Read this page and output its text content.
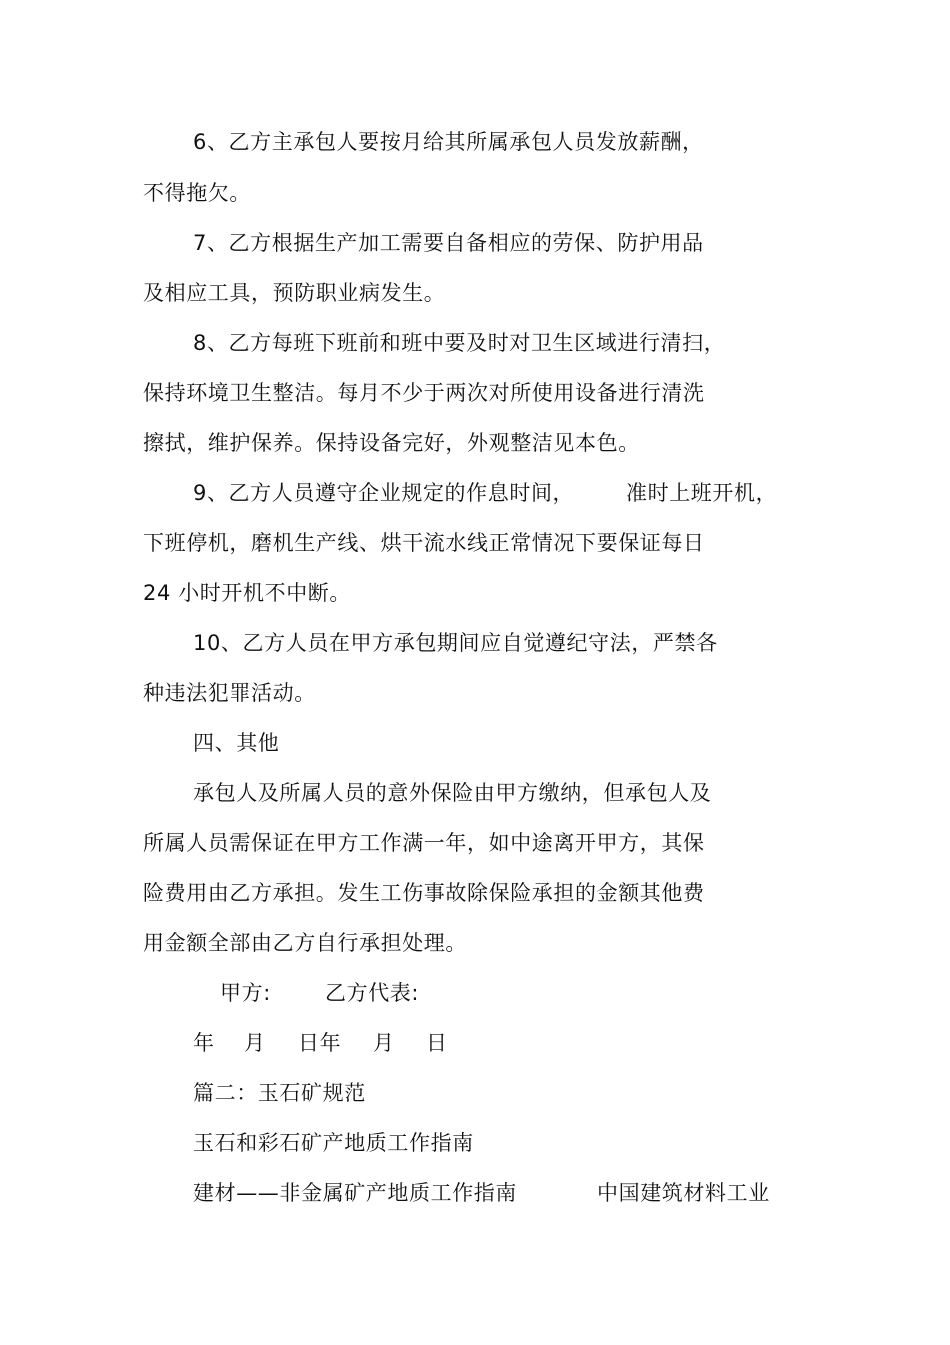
6、乙方主承包人要按月给其所属承包人员发放薪酬，

不得拖欠。

7、乙方根据生产加工需要自备相应的劳保、防护用品

及相应工具，预防职业病发生。

8、乙方每班下班前和班中要及时对卫生区域进行清扫，

保持环境卫生整洁。每月不少于两次对所使用设备进行清洗

擦拭，维护保养。保持设备完好，外观整洁见本色。

9、乙方人员遵守企业规定的作息时间， 准时上班开机，

下班停机，磨机生产线、烘干流水线正常情况下要保证每日

24 小时开机不中断。

10、乙方人员在甲方承包期间应自觉遵纪守法，严禁各

种违法犯罪活动。

四、其他

承包人及所属人员的意外保险由甲方缴纳，但承包人及

所属人员需保证在甲方工作满一年，如中途离开甲方，其保

险费用由乙方承担。发生工伤事故除保险承担的金额其他费

用金额全部由乙方自行承担处理。

甲方:	乙方代表:

年 月 日年 月 日

篇二：玉石矿规范

玉石和彩石矿产地质工作指南

建材——非金属矿产地质工作指南	中国建筑材料工业
